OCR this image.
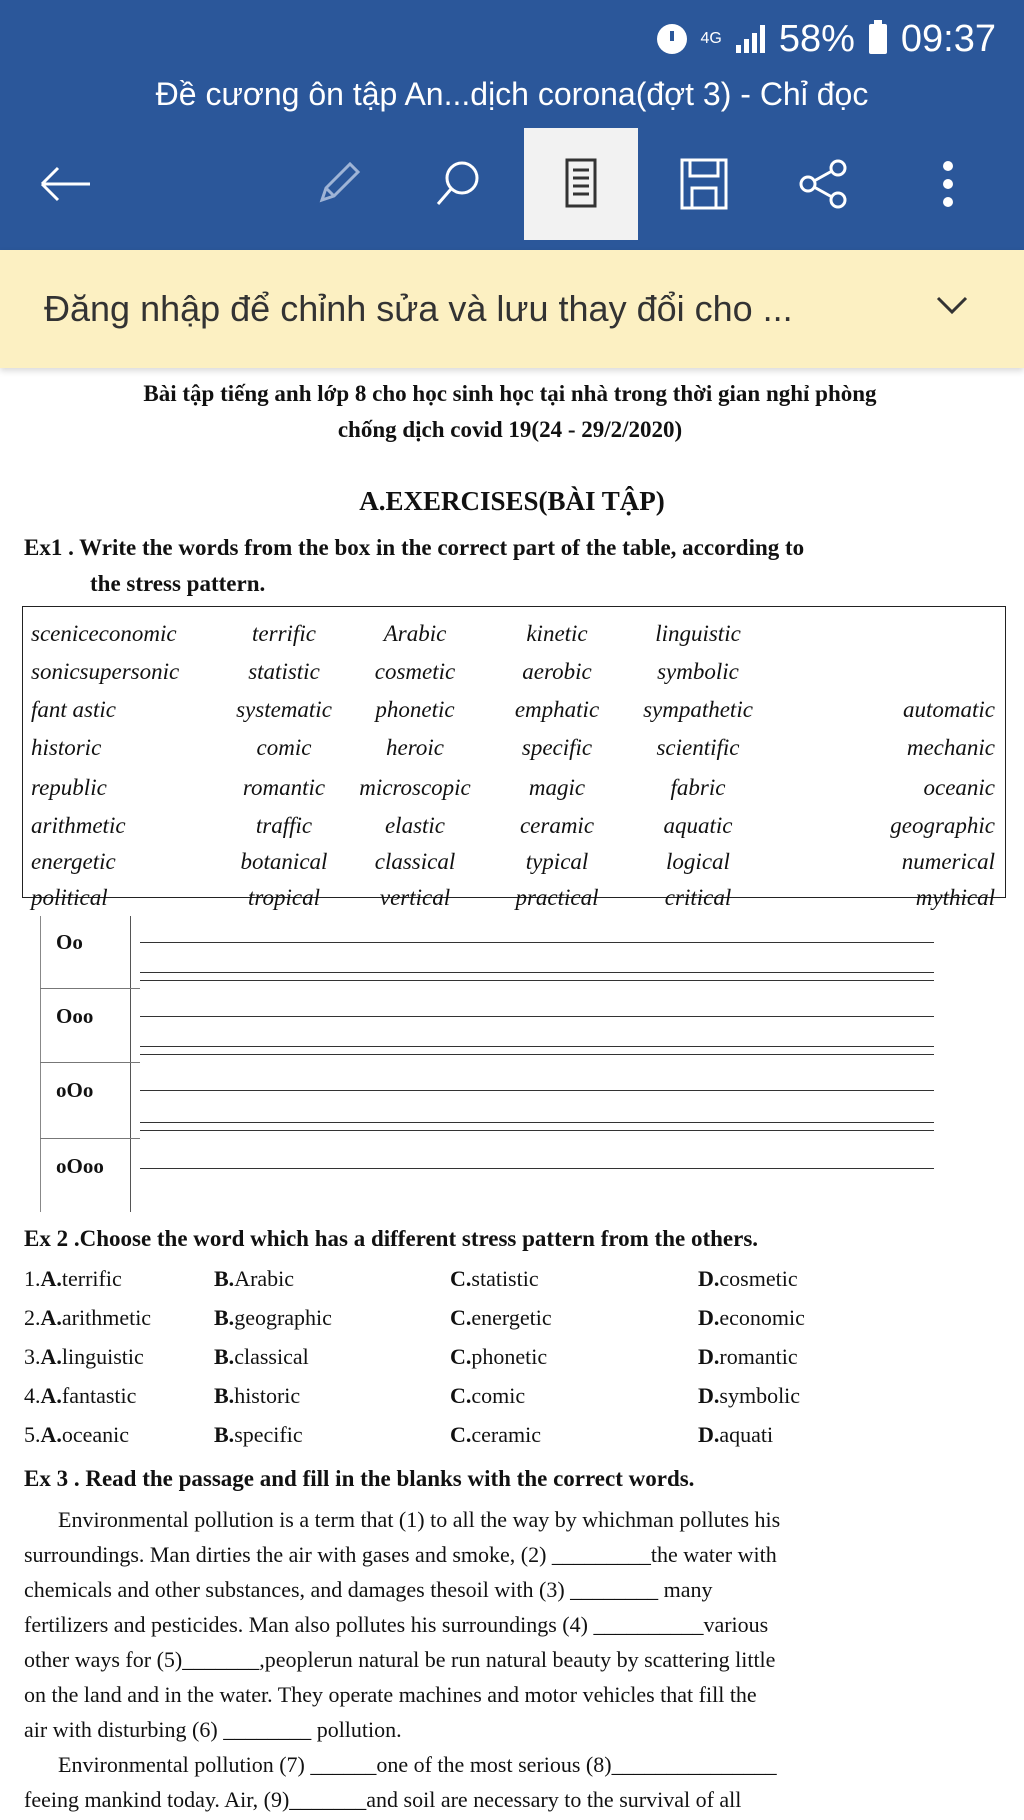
4G 58% 09:37
Đề cương ôn tập An...dịch corona(đợt 3) - Chỉ đọc
Đăng nhập để chỉnh sửa và lưu thay đổi cho ...
Bài tập tiếng anh lớp 8 cho học sinh học tại nhà trong thời gian nghỉ phòng
chống dịch covid 19(24 - 29/2/2020)
A.EXERCISES(BÀI TẬP)
Ex1 . Write the words from the box in the correct part of the table, according to
the stress pattern.
sceniceconomic	terrific	Arabic	kinetic	linguistic
sonicsupersonic	statistic	cosmetic	aerobic	symbolic
fant astic	systematic	phonetic	emphatic	sympathetic	automatic
historic	comic	heroic	specific	scientific	mechanic
republic	romantic	microscopic	magic	fabric	oceanic
arithmetic	traffic	elastic	ceramic	aquatic	geographic
energetic	botanical	classical	typical	logical	numerical
political	tropical	vertical	practical	critical	mythical
Oo
Ooo
oOo
oOoo
Ex 2 .Choose the word which has a different stress pattern from the others.
1.A.terrific	B.Arabic	C.statistic	D.cosmetic
2.A.arithmetic	B.geographic	C.energetic	D.economic
3.A.linguistic	B.classical	C.phonetic	D.romantic
4.A.fantastic	B.historic	C.comic	D.symbolic
5.A.oceanic	B.specific	C.ceramic	D.aquati
Ex 3 . Read the passage and fill in the blanks with the correct words.
Environmental pollution is a term that (1) to all the way by whichman pollutes his
surroundings. Man dirties the air with gases and smoke, (2) _________the water with
chemicals and other substances, and damages thesoil with (3) ________ many
fertilizers and pesticides. Man also pollutes his surroundings (4) __________various
other ways for (5)_______,peoplerun natural be run natural beauty by scattering little
on the land and in the water. They operate machines and motor vehicles that fill the
air with disturbing (6) ________ pollution.
Environmental pollution (7) ______one of the most serious (8)_______________
feeing mankind today. Air, (9)_______and soil are necessary to the survival of all
